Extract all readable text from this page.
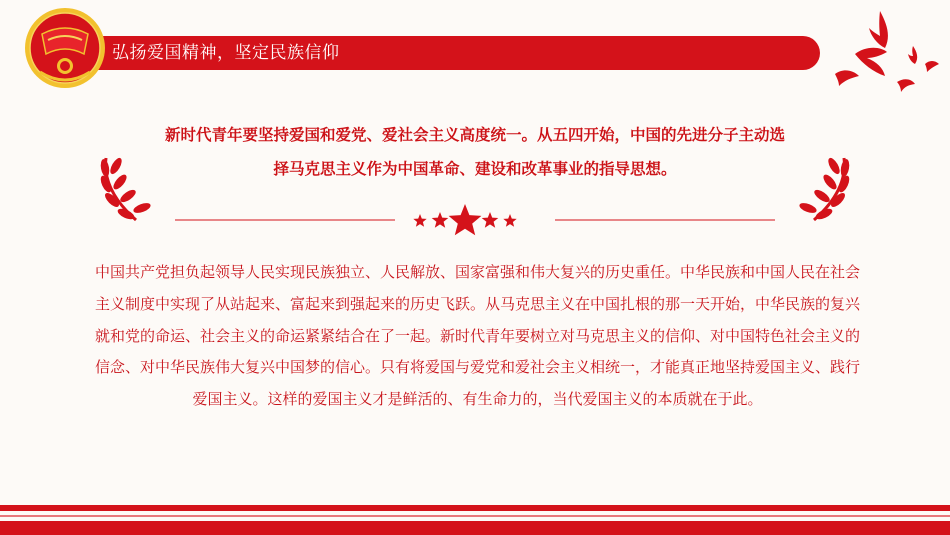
弘扬爱国精神，坚定民族信仰

新时代青年要坚持爱国和爱党、爱社会主义高度统一。从五四开始，中国的先进分子主动选

择马克思主义作为中国革命、建设和改革事业的指导思想。

中国共产党担负起领导人民实现民族独立、人民解放、国家富强和伟大复兴的历史重任。中华民族和中国人民在社会主义制度中实现了从站起来、富起来到强起来的历史飞跃。从马克思主义在中国扎根的那一天开始，中华民族的复兴就和党的命运、社会主义的命运紧紧结合在了一起。新时代青年要树立对马克思主义的信仰、对中国特色社会主义的信念、对中华民族伟大复兴中国梦的信心。只有将爱国与爱党和爱社会主义相统一，才能真正地坚持爱国主义、践行爱国主义。这样的爱国主义才是鲜活的、有生命力的，当代爱国主义的本质就在于此。
